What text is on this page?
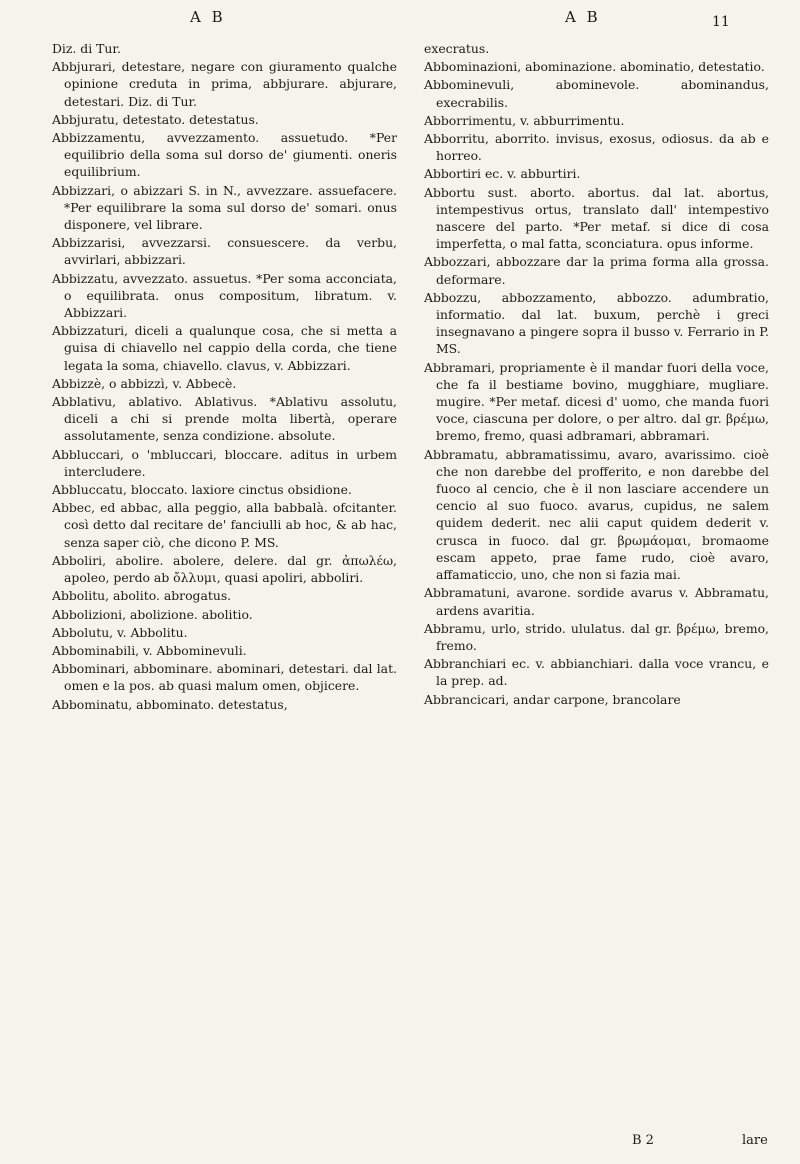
A B	A B	11

Diz. di Tur.

Abbjurari, detestare, negare con giuramento qualche opinione creduta in prima, abbjurare. abjurare, detestari. Diz. di Tur.

Abbjuratu, detestato. detestatus.

Abbizzamentu, avvezzamento. assuetudo. *Per equilibrio della soma sul dorso de' giumenti. oneris equilibrium.

Abbizzari, o abizzari S. in N., avvezzare. assuefacere. *Per equilibrare la soma sul dorso de' somari. onus disponere, vel librare.

Abbizzarisi, avvezzarsi. consuescere. da verbu, avvirlari, abbizzari.

Abbizzatu, avvezzato. assuetus. *Per soma acconciata, o equilibrata. onus compositum, libratum. v. Abbizzari.

Abbizzaturi, diceli a qualunque cosa, che si metta a guisa di chiavello nel cappio della corda, che tiene legata la soma, chiavello. clavus, v. Abbizzari.

Abbizzè, o abbizzì, v. Abbecè.

Abblativu, ablativo. Ablativus. *Ablativu assolutu, diceli a chi si prende molta libertà, operare assolutamente, senza condizione. absolute.

Abbluccari, o 'mbluccari, bloccare. aditus in urbem intercludere.

Abbluccatu, bloccato. laxiore cinctus obsidione.

Abbec, ed abbac, alla peggio, alla babbalà. ofcitanter. così detto dal recitare de' fanciulli ab hoc, & ab hac, senza saper ciò, che dicono P. MS.

Abboliri, abolire. abolere, delere. dal gr. ἀπωλέω, apoleo, perdo ab ὄλλυμι, quasi apoliri, abboliri.

Abbolitu, abolito. abrogatus.

Abbolizioni, abolizione. abolitio.

Abbolutu, v. Abbolitu.

Abbominabili, v. Abbominevuli.

Abbominari, abbominare. abominari, detestari. dal lat. omen e la pos. ab quasi malum omen, objicere.

Abbominatu, abbominato. detestatus,

execratus.

Abbominazioni, abominazione. abominatio, detestatio.

Abbominevuli, abominevole. abominandus, execrabilis.

Abborrimentu, v. abburrimentu.

Abborritu, aborrito. invisus, exosus, odiosus. da ab e horreo.

Abbortiri ec. v. abburtiri.

Abbortu sust. aborto. abortus. dal lat. abortus, intempestivus ortus, translato dall' intempestivo nascere del parto. *Per metaf. si dice di cosa imperfetta, o mal fatta, sconciatura. opus informe.

Abbozzari, abbozzare dar la prima forma alla grossa. deformare.

Abbozzu, abbozzamento, abbozzo. adumbratio, informatio. dal lat. buxum, perchè i greci insegnavano a pingere sopra il busso v. Ferrario in P. MS.

Abbramari, propriamente è il mandar fuori della voce, che fa il bestiame bovino, mugghiare, mugliare. mugire. *Per metaf. dicesi d' uomo, che manda fuori voce, ciascuna per dolore, o per altro. dal gr. βρέμω, bremo, fremo, quasi adbramari, abbramari.

Abbramatu, abbramatissimu, avaro, avarissimo. cioè che non darebbe del profferito, e non darebbe del fuoco al cencio, che è il non lasciare accendere un cencio al suo fuoco. avarus, cupidus, ne salem quidem dederit. nec alii caput quidem dederit v. crusca in fuoco. dal gr. βρωμάομαι, bromaome escam appeto, prae fame rudo, cioè avaro, affamaticcio, uno, che non si fazia mai.

Abbramatuni, avarone. sordide avarus v. Abbramatu, ardens avaritia.

Abbramu, urlo, strido. ululatus. dal gr. βρέμω, bremo, fremo.

Abbranchiari ec. v. abbianchiari. dalla voce vrancu, e la prep. ad.

Abbrancicari, andar carpone, brancolare

B 2	lare
